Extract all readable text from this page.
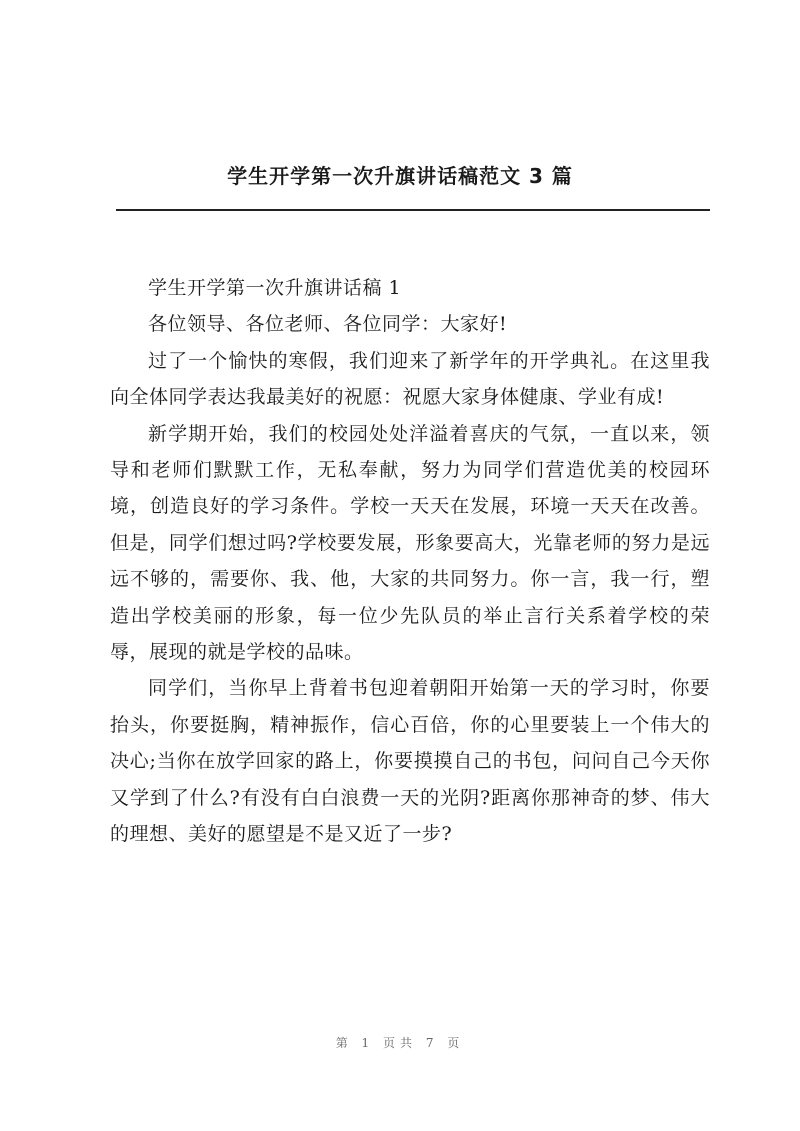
学生开学第一次升旗讲话稿范文 3 篇

学生开学第一次升旗讲话稿 1

各位领导、各位老师、各位同学：大家好!

过了一个愉快的寒假，我们迎来了新学年的开学典礼。在这里我向全体同学表达我最美好的祝愿：祝愿大家身体健康、学业有成!

新学期开始，我们的校园处处洋溢着喜庆的气氛，一直以来，领导和老师们默默工作，无私奉献，努力为同学们营造优美的校园环境，创造良好的学习条件。学校一天天在发展，环境一天天在改善。但是，同学们想过吗?学校要发展，形象要高大，光靠老师的努力是远远不够的，需要你、我、他，大家的共同努力。你一言，我一行，塑造出学校美丽的形象，每一位少先队员的举止言行关系着学校的荣辱，展现的就是学校的品味。

同学们，当你早上背着书包迎着朝阳开始第一天的学习时，你要抬头，你要挺胸，精神振作，信心百倍，你的心里要装上一个伟大的决心;当你在放学回家的路上，你要摸摸自己的书包，问问自己今天你又学到了什么?有没有白白浪费一天的光阴?距离你那神奇的梦、伟大的理想、美好的愿望是不是又近了一步?

第 1 页共 7 页
